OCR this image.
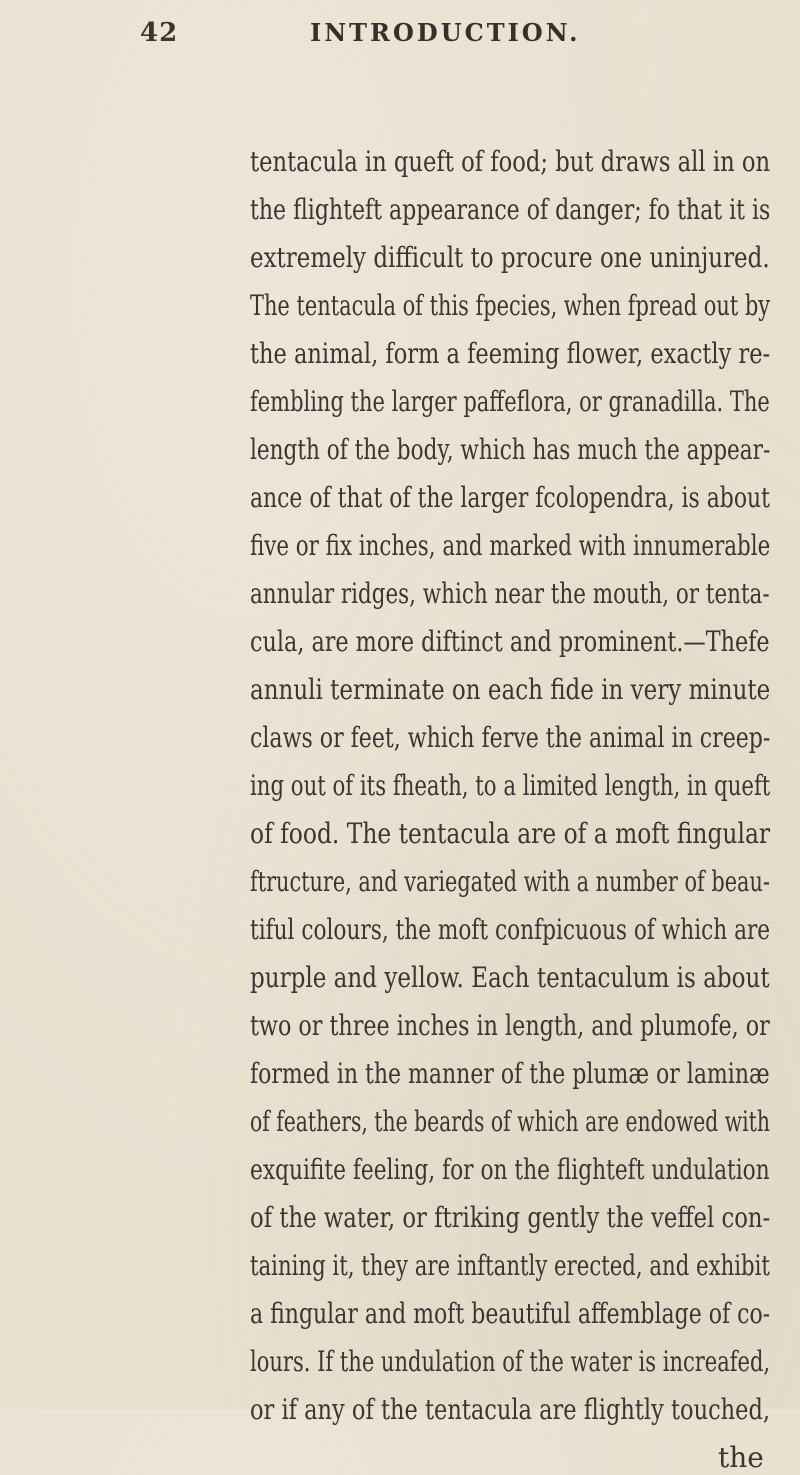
42	INTRODUCTION.
tentacula in queft of food; but draws all in on
the flighteft appearance of danger; fo that it is
extremely difficult to procure one uninjured.
The tentacula of this fpecies, when fpread out by
the animal, form a feeming flower, exactly re-
fembling the larger paffeflora, or granadilla. The
length of the body, which has much the appear-
ance of that of the larger fcolopendra, is about
five or fix inches, and marked with innumerable
annular ridges, which near the mouth, or tenta-
cula, are more diftinct and prominent.—Thefe
annuli terminate on each fide in very minute
claws or feet, which ferve the animal in creep-
ing out of its fheath, to a limited length, in queft
of food. The tentacula are of a moft fingular
ftructure, and variegated with a number of beau-
tiful colours, the moft confpicuous of which are
purple and yellow. Each tentaculum is about
two or three inches in length, and plumofe, or
formed in the manner of the plumæ or laminæ
of feathers, the beards of which are endowed with
exquifite feeling, for on the flighteft undulation
of the water, or ftriking gently the veffel con-
taining it, they are inftantly erected, and exhibit
a fingular and moft beautiful affemblage of co-
lours. If the undulation of the water is increafed,
or if any of the tentacula are flightly touched,
the
